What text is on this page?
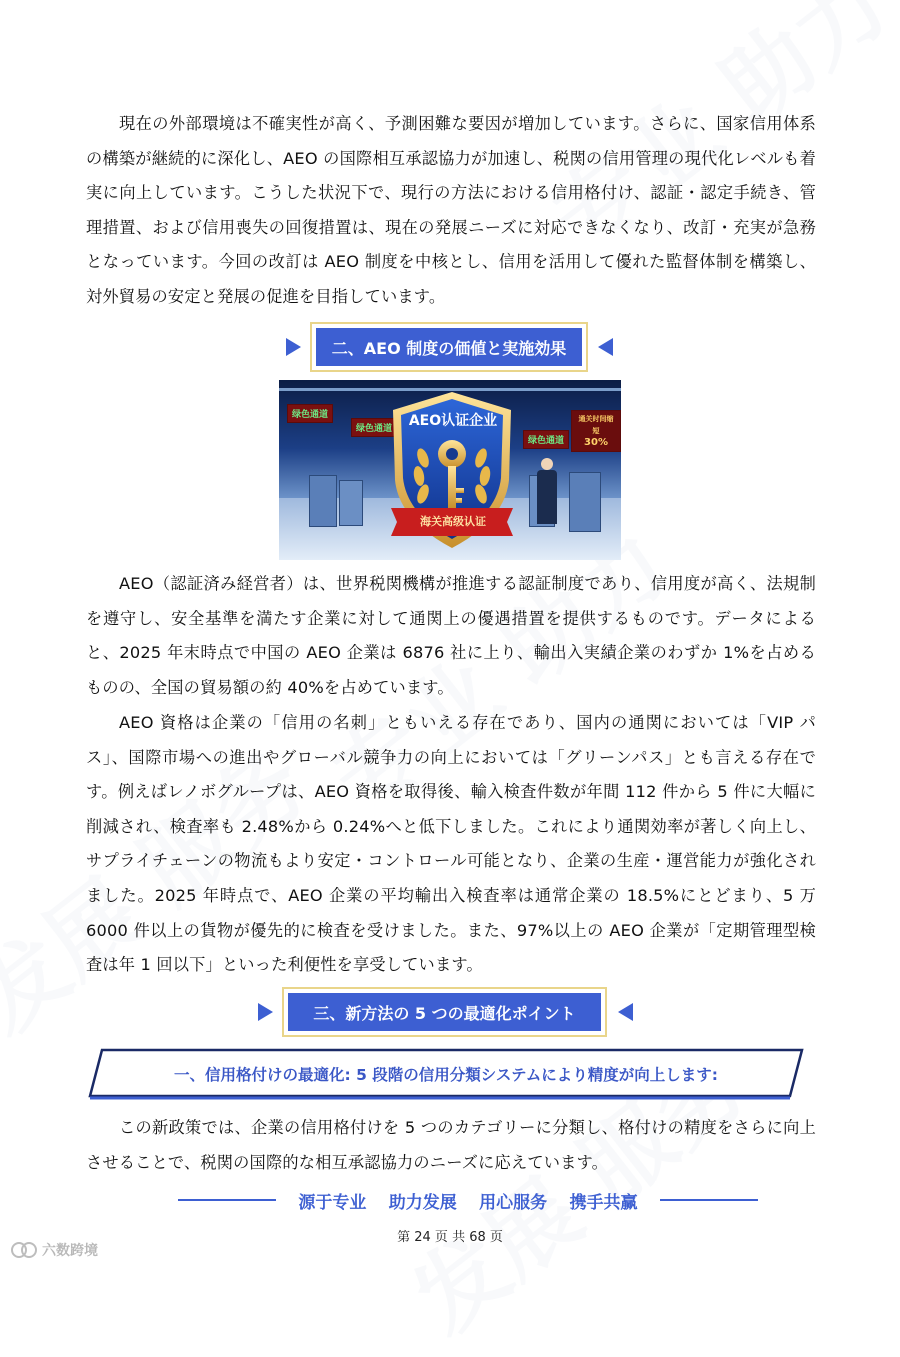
現在の外部環境は不確実性が高く、予測困難な要因が増加しています。さらに、国家信用体系の構築が継続的に深化し、AEO の国際相互承認協力が加速し、税関の信用管理の現代化レベルも着実に向上しています。こうした状況下で、現行の方法における信用格付け、認証・認定手続き、管理措置、および信用喪失の回復措置は、現在の発展ニーズに対応できなくなり、改訂・充実が急務となっています。今回の改訂は AEO 制度を中核とし、信用を活用して優れた監督体制を構築し、対外貿易の安定と発展の促進を目指しています。

二、AEO 制度の価値と実施効果
绿色通道
绿色通道
绿色通道
通关时间缩短
30%
AEO认证企业
海关高级认证

AEO（認証済み経営者）は、世界税関機構が推進する認証制度であり、信用度が高く、法規制を遵守し、安全基準を満たす企業に対して通関上の優遇措置を提供するものです。データによると、2025 年末時点で中国の AEO 企業は 6876 社に上り、輸出入実績企業のわずか 1%を占めるものの、全国の貿易額の約 40%を占めています。

AEO 資格は企業の「信用の名刺」ともいえる存在であり、国内の通関においては「VIP パス」、国際市場への進出やグローバル競争力の向上においては「グリーンパス」とも言える存在です。例えばレノボグループは、AEO 資格を取得後、輸入検査件数が年間 112 件から 5 件に大幅に削減され、検査率も 2.48%から 0.24%へと低下しました。これにより通関効率が著しく向上し、サプライチェーンの物流もより安定・コントロール可能となり、企業の生産・運営能力が強化されました。2025 年時点で、AEO 企業の平均輸出入検査率は通常企業の 18.5%にとどまり、5 万 6000 件以上の貨物が優先的に検査を受けました。また、97%以上の AEO 企業が「定期管理型検査は年 1 回以下」といった利便性を享受しています。

三、新方法の 5 つの最適化ポイント
一、信用格付けの最適化: 5 段階の信用分類システムにより精度が向上します:

この新政策では、企業の信用格付けを 5 つのカテゴリーに分類し、格付けの精度をさらに向上させることで、税関の国際的な相互承認協力のニーズに応えています。

源于专业 助力发展 用心服务 携手共赢
第 24 页 共 68 页
六数跨境
